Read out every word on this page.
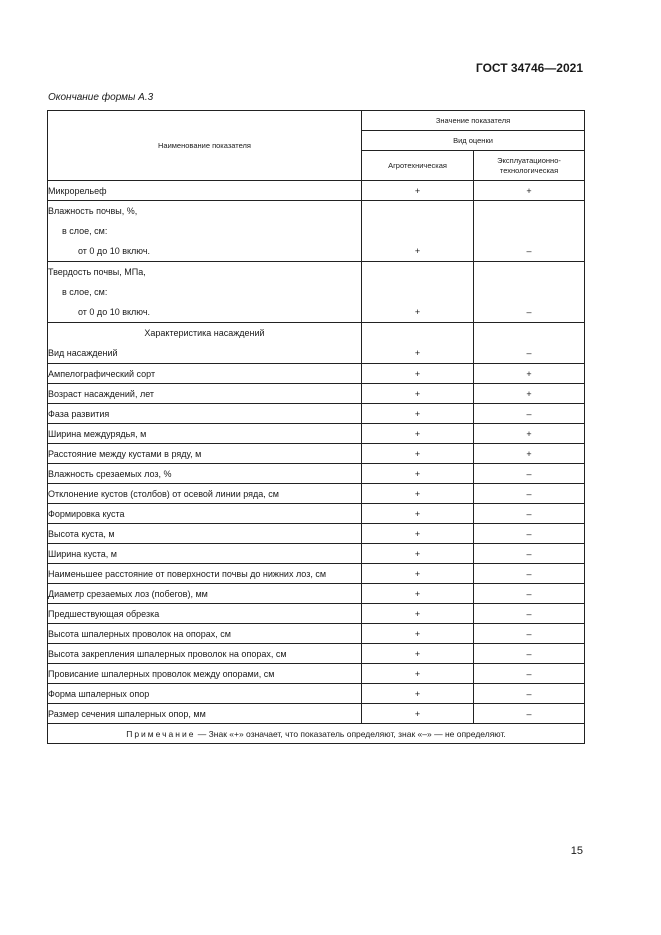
ГОСТ 34746—2021
Окончание формы А.3
Наименование показателя	Значение показателя	
	Вид оценки	
	Агротехническая	Эксплуатационно-технологическая
Микрорельеф	+	+

Влажность почвы, %,
в слое, см:
от 0 до 10 включ.	+	–

Твердость почвы, МПа,
в слое, см:
от 0 до 10 включ.	+	–

Характеристика насаждений
Вид насаждений	+	–

Ампелографический сорт	+	+
Возраст насаждений, лет	+	+
Фаза развития	+	–
Ширина междурядья, м	+	+
Расстояние между кустами в ряду, м	+	+
Влажность срезаемых лоз, %	+	–
Отклонение кустов (столбов) от осевой линии ряда, см	+	–
Формировка куста	+	–
Высота куста, м	+	–
Ширина куста, м	+	–
Наименьшее расстояние от поверхности почвы до нижних лоз, см	+	–
Диаметр срезаемых лоз (побегов), мм	+	–
Предшествующая обрезка	+	–
Высота шпалерных проволок на опорах, см	+	–
Высота закрепления шпалерных проволок на опорах, см	+	–
Провисание шпалерных проволок между опорами, см	+	–
Форма шпалерных опор	+	–
Размер сечения шпалерных опор, мм	+	–
Примечание — Знак «+» означает, что показатель определяют, знак «–» — не определяют.		
15
